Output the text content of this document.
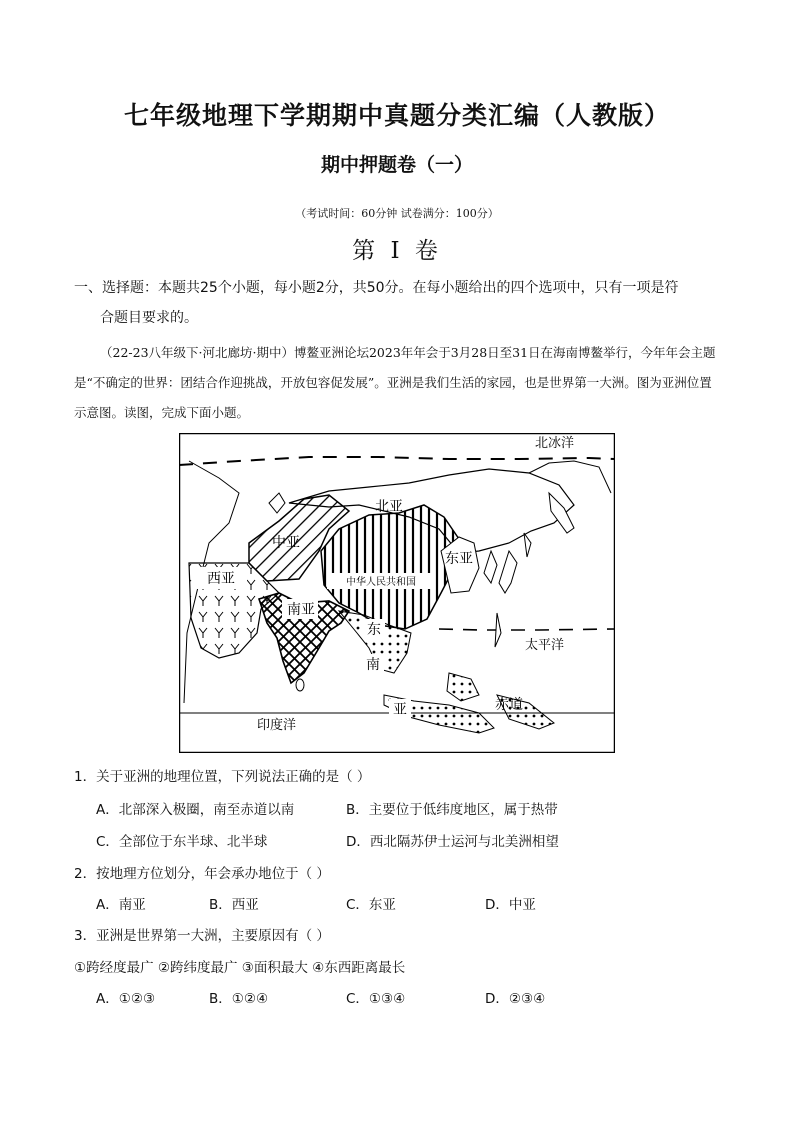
七年级地理下学期期中真题分类汇编（人教版）
期中押题卷（一）
（考试时间：60分钟 试卷满分：100分）
第 I 卷
一、选择题：本题共25个小题，每小题2分，共50分。在每小题给出的四个选项中，只有一项是符
合题目要求的。
（22-23八年级下·河北廊坊·期中）博鳌亚洲论坛2023年年会于3月28日至31日在海南博鳌举行，今年年会主题是“不确定的世界：团结合作迎挑战，开放包容促发展”。亚洲是我们生活的家园，也是世界第一大洲。图为亚洲位置示意图。读图，完成下面小题。
北冰洋
北亚
中亚
东亚
西亚	中华人民共和国
南亚
东
南
亚
太平洋
赤道
印度洋
1．关于亚洲的地理位置，下列说法正确的是（ ）
A．北部深入极圈，南至赤道以南	B．主要位于低纬度地区，属于热带
C．全部位于东半球、北半球	D．西北隔苏伊士运河与北美洲相望
2．按地理方位划分，年会承办地位于（ ）
A．南亚	B．西亚	C．东亚	D．中亚
3．亚洲是世界第一大洲，主要原因有（ ）
①跨经度最广 ②跨纬度最广 ③面积最大 ④东西距离最长
A．①②③	B．①②④	C．①③④	D．②③④
